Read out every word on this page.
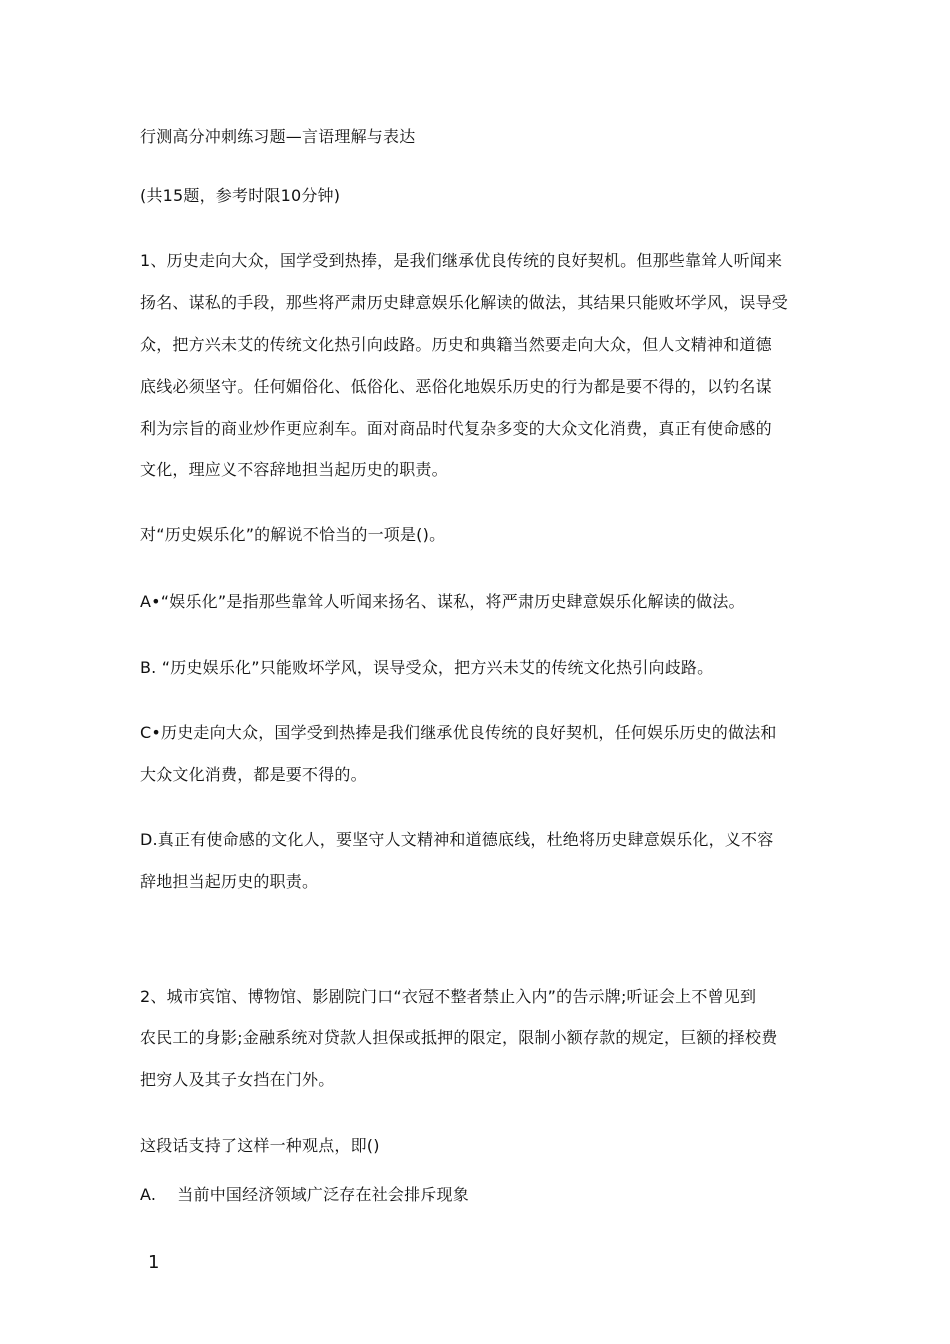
行测高分冲刺练习题—言语理解与表达
(共15题，参考时限10分钟)
1、历史走向大众，国学受到热捧，是我们继承优良传统的良好契机。但那些靠耸人听闻来
扬名、谋私的手段，那些将严肃历史肆意娱乐化解读的做法，其结果只能败坏学风，误导受
众，把方兴未艾的传统文化热引向歧路。历史和典籍当然要走向大众，但人文精神和道德
底线必须坚守。任何媚俗化、低俗化、恶俗化地娱乐历史的行为都是要不得的，以钓名谋
利为宗旨的商业炒作更应刹车。面对商品时代复杂多变的大众文化消费，真正有使命感的
文化，理应义不容辞地担当起历史的职责。
对“历史娱乐化”的解说不恰当的一项是()。
A•“娱乐化”是指那些靠耸人听闻来扬名、谋私，将严肃历史肆意娱乐化解读的做法。
B. “历史娱乐化”只能败坏学风，误导受众，把方兴未艾的传统文化热引向歧路。
C•历史走向大众，国学受到热捧是我们继承优良传统的良好契机，任何娱乐历史的做法和
大众文化消费，都是要不得的。
D.真正有使命感的文化人，要坚守人文精神和道德底线，杜绝将历史肆意娱乐化，义不容
辞地担当起历史的职责。
2、城市宾馆、博物馆、影剧院门口“衣冠不整者禁止入内”的告示牌;听证会上不曾见到
农民工的身影;金融系统对贷款人担保或抵押的限定，限制小额存款的规定，巨额的择校费
把穷人及其子女挡在门外。
这段话支持了这样一种观点，即()
A.    当前中国经济领域广泛存在社会排斥现象
1
